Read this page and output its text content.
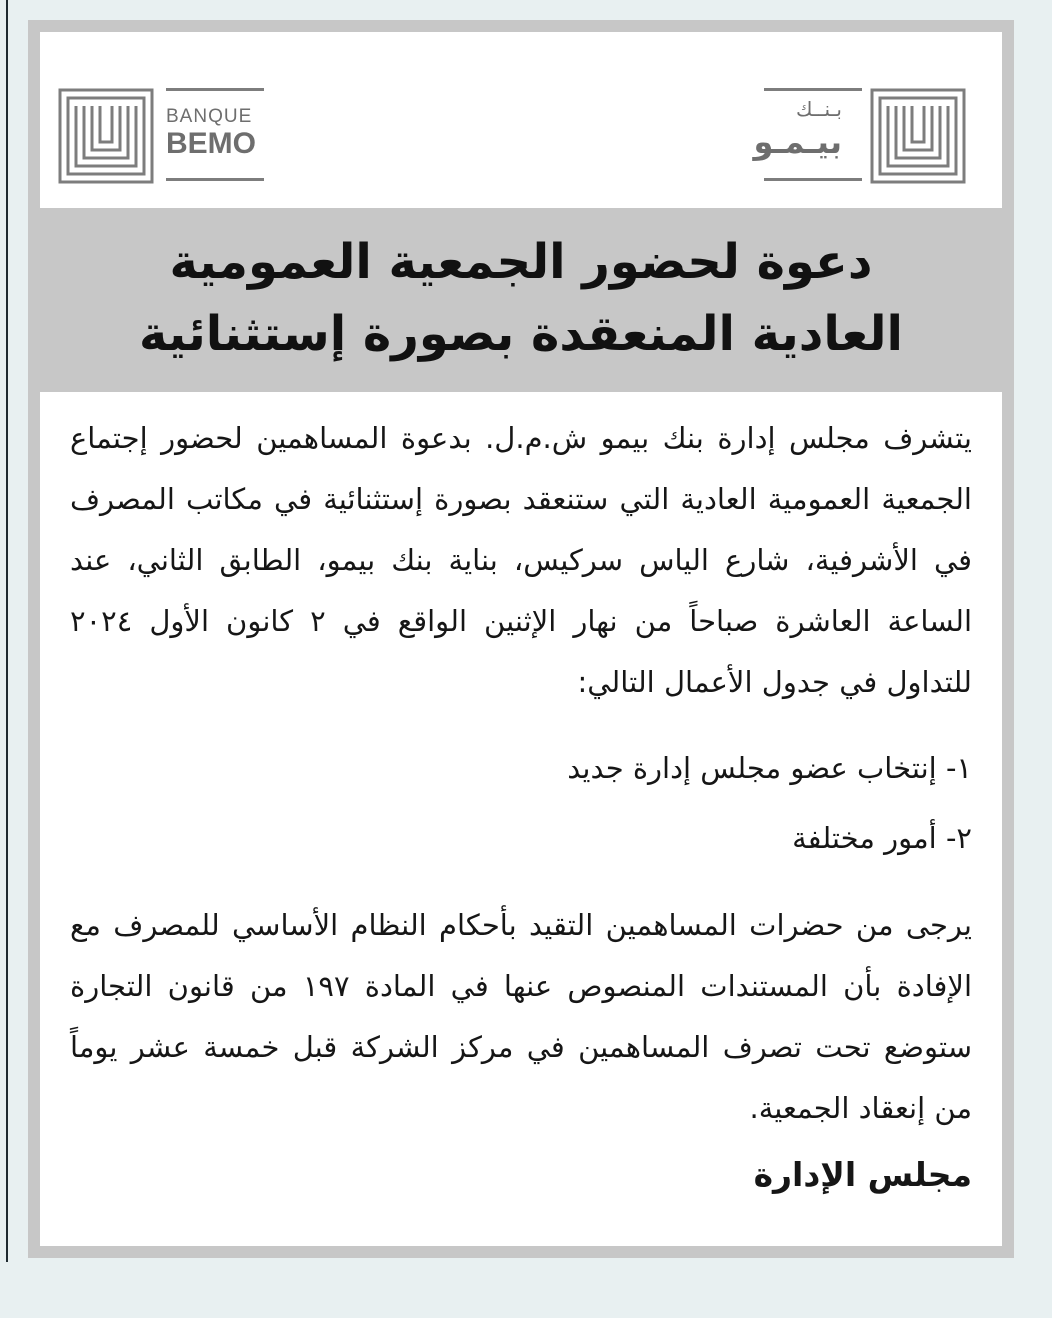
BANQUE
BEMO
بـنــك
بيـمـو
دعوة لحضور الجمعية العمومية
العادية المنعقدة بصورة إستثنائية

يتشرف مجلس إدارة بنك بيمو ش.م.ل. بدعوة المساهمين لحضور إجتماع الجمعية العمومية العادية التي ستنعقد بصورة إستثنائية في مكاتب المصرف في الأشرفية، شارع الياس سركيس، بناية بنك بيمو، الطابق الثاني، عند الساعة العاشرة صباحاً من نهار الإثنين الواقع في ٢ كانون الأول ٢٠٢٤ للتداول في جدول الأعمال التالي:

١- إنتخاب عضو مجلس إدارة جديد

٢- أمور مختلفة

يرجى من حضرات المساهمين التقيد بأحكام النظام الأساسي للمصرف مع الإفادة بأن المستندات المنصوص عنها في المادة ١٩٧ من قانون التجارة ستوضع تحت تصرف المساهمين في مركز الشركة قبل خمسة عشر يوماً من إنعقاد الجمعية.

مجلس الإدارة
